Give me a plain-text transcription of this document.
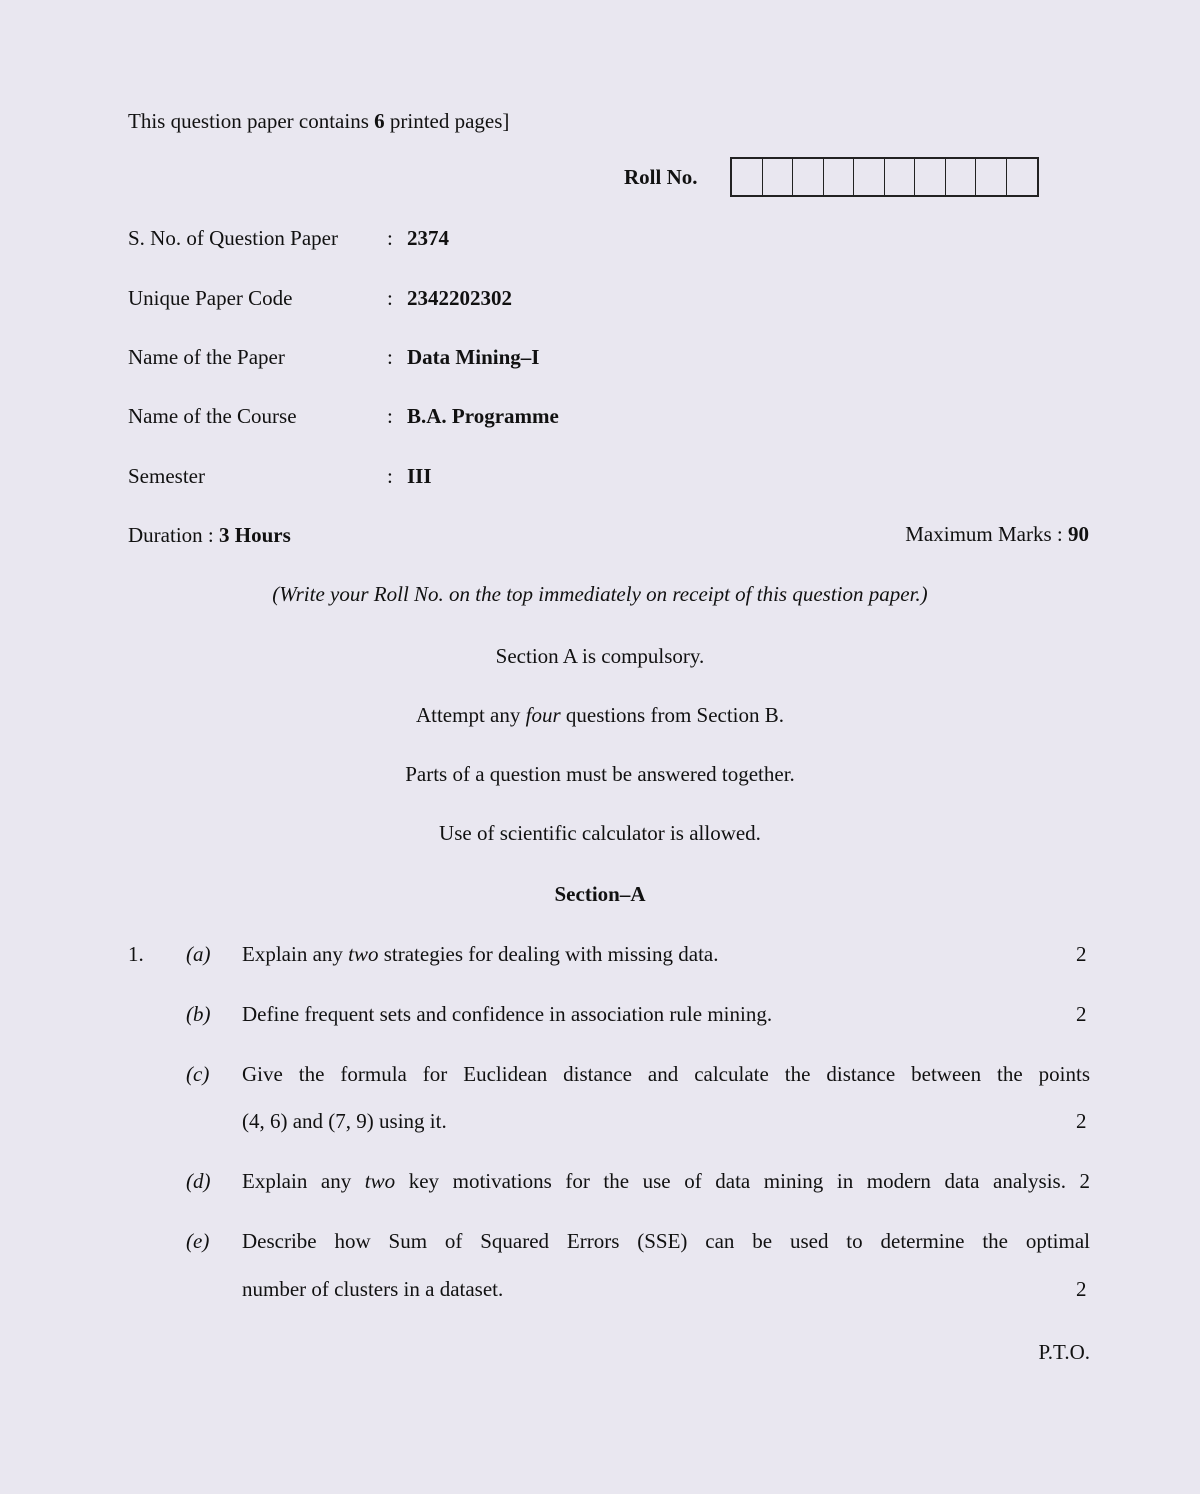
This question paper contains 6 printed pages]
Roll No.
S. No. of Question Paper : 2374
Unique Paper Code	: 2342202302
Name of the Paper	: Data Mining–I
Name of the Course	: B.A. Programme
Semester	: III
Duration : 3 Hours	Maximum Marks : 90
(Write your Roll No. on the top immediately on receipt of this question paper.)
Section A is compulsory.
Attempt any four questions from Section B.
Parts of a question must be answered together.
Use of scientific calculator is allowed.
Section–A
1. (a) Explain any two strategies for dealing with missing data.	2
(b) Define frequent sets and confidence in association rule mining.	2
(c) Give the formula for Euclidean distance and calculate the distance between the points
(4, 6) and (7, 9) using it.	2
(d) Explain any two key motivations for the use of data mining in modern data analysis. 2
(e) Describe how Sum of Squared Errors (SSE) can be used to determine the optimal
number of clusters in a dataset.	2
P.T.O.
